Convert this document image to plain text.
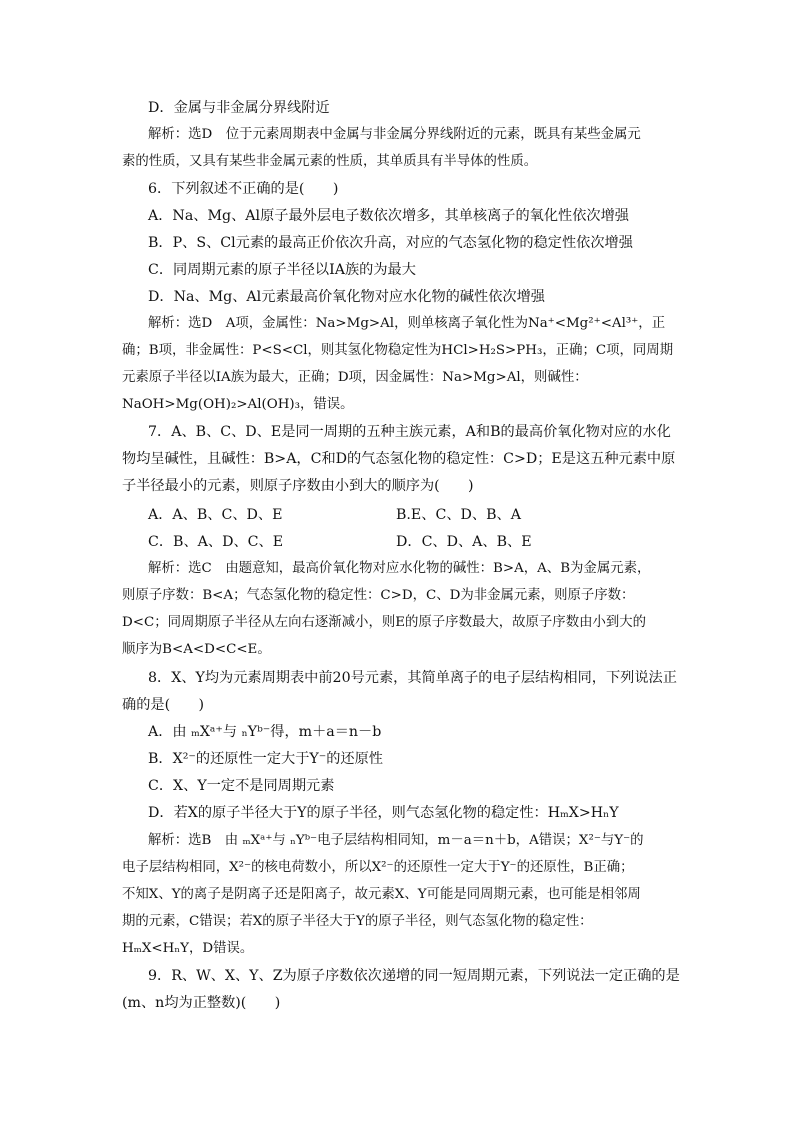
D．金属与非金属分界线附近
解析：选D　位于元素周期表中金属与非金属分界线附近的元素，既具有某些金属元
素的性质，又具有某些非金属元素的性质，其单质具有半导体的性质。
6．下列叙述不正确的是(　　)
A．Na、Mg、Al原子最外层电子数依次增多，其单核离子的氧化性依次增强
B．P、S、Cl元素的最高正价依次升高，对应的气态氢化物的稳定性依次增强
C．同周期元素的原子半径以ⅠA族的为最大
D．Na、Mg、Al元素最高价氧化物对应水化物的碱性依次增强
解析：选D　A项，金属性：Na>Mg>Al，则单核离子氧化性为Na⁺<Mg²⁺<Al³⁺，正
确；B项，非金属性：P<S<Cl，则其氢化物稳定性为HCl>H₂S>PH₃，正确；C项，同周期
元素原子半径以ⅠA族为最大，正确；D项，因金属性：Na>Mg>Al，则碱性：
NaOH>Mg(OH)₂>Al(OH)₃，错误。
7．A、B、C、D、E是同一周期的五种主族元素，A和B的最高价氧化物对应的水化
物均呈碱性，且碱性：B>A，C和D的气态氢化物的稳定性：C>D；E是这五种元素中原
子半径最小的元素，则原子序数由小到大的顺序为(　　)
A．A、B、C、D、E	B.E、C、D、B、A
C．B、A、D、C、E	D．C、D、A、B、E
解析：选C　由题意知，最高价氧化物对应水化物的碱性：B>A，A、B为金属元素，
则原子序数：B<A；气态氢化物的稳定性：C>D，C、D为非金属元素，则原子序数：
D<C；同周期原子半径从左向右逐渐减小，则E的原子序数最大，故原子序数由小到大的
顺序为B<A<D<C<E。
8．X、Y均为元素周期表中前20号元素，其简单离子的电子层结构相同，下列说法正
确的是(　　)
A．由 ₘXᵃ⁺与 ₙYᵇ⁻得，m＋a＝n－b
B．X²⁻的还原性一定大于Y⁻的还原性
C．X、Y一定不是同周期元素
D．若X的原子半径大于Y的原子半径，则气态氢化物的稳定性：HₘX>HₙY
解析：选B　由 ₘXᵃ⁺与 ₙYᵇ⁻电子层结构相同知，m－a＝n＋b，A错误；X²⁻与Y⁻的
电子层结构相同，X²⁻的核电荷数小，所以X²⁻的还原性一定大于Y⁻的还原性，B正确；
不知X、Y的离子是阴离子还是阳离子，故元素X、Y可能是同周期元素，也可能是相邻周
期的元素，C错误；若X的原子半径大于Y的原子半径，则气态氢化物的稳定性：
HₘX<HₙY，D错误。
9．R、W、X、Y、Z为原子序数依次递增的同一短周期元素，下列说法一定正确的是
(m、n均为正整数)(　　)
